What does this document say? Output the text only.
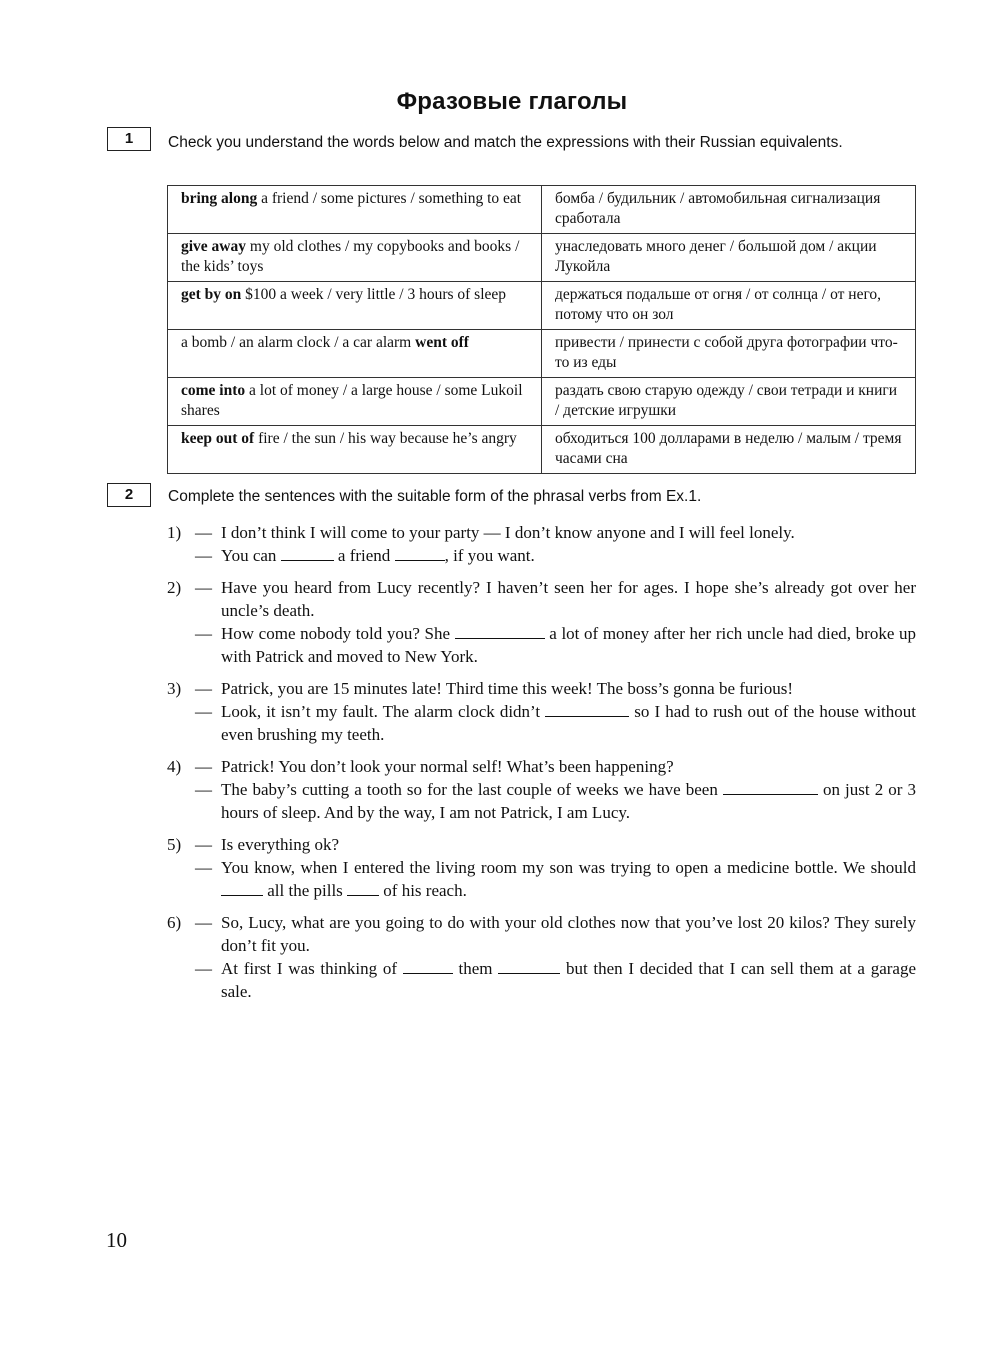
Фразовые глаголы
1	Check you understand the words below and match the expressions with their Russian equivalents.
bring along a friend / some pictures / something to eat	бомба / будильник / автомобильная сигнализация сработала
give away my old clothes / my copybooks and books / the kids’ toys	унаследовать много денег / большой дом / акции Лукойла
get by on $100 a week / very little / 3 hours of sleep	держаться подальше от огня / от солнца / от него, потому что он зол
a bomb / an alarm clock / a car alarm went off	привести / принести с собой друга фотографии что-то из еды
come into a lot of money / a large house / some Lukoil shares	раздать свою старую одежду / свои тетради и книги / детские игрушки
keep out of fire / the sun / his way because he’s angry	обходиться 100 долларами в неделю / малым / тремя часами сна
2	Complete the sentences with the suitable form of the phrasal verbs from Ex.1.
1) — I don’t think I will come to your party — I don’t know anyone and I will feel lonely.
— You can	a friend	, if you want.
2) — Have you heard from Lucy recently? I haven’t seen her for ages. I hope she’s already got over her uncle’s death.
— How come nobody told you? She	a lot of money after her rich uncle had died, broke up with Patrick and moved to New York.
3) — Patrick, you are 15 minutes late! Third time this week! The boss’s gonna be furious!
— Look, it isn’t my fault. The alarm clock didn’t	so I had to rush out of the house without even brushing my teeth.
4) — Patrick! You don’t look your normal self! What’s been happening?
— The baby’s cutting a tooth so for the last couple of weeks we have been	on just 2 or 3 hours of sleep. And by the way, I am not Patrick, I am Lucy.
5) — Is everything ok?
— You know, when I entered the living room my son was trying to open a medicine bottle. We should  all the pills  of his reach.
6) — So, Lucy, what are you going to do with your old clothes now that you’ve lost 20 kilos? They surely don’t fit you.
— At first I was thinking of	them	but then I decided that I can sell them at a garage sale.
10
